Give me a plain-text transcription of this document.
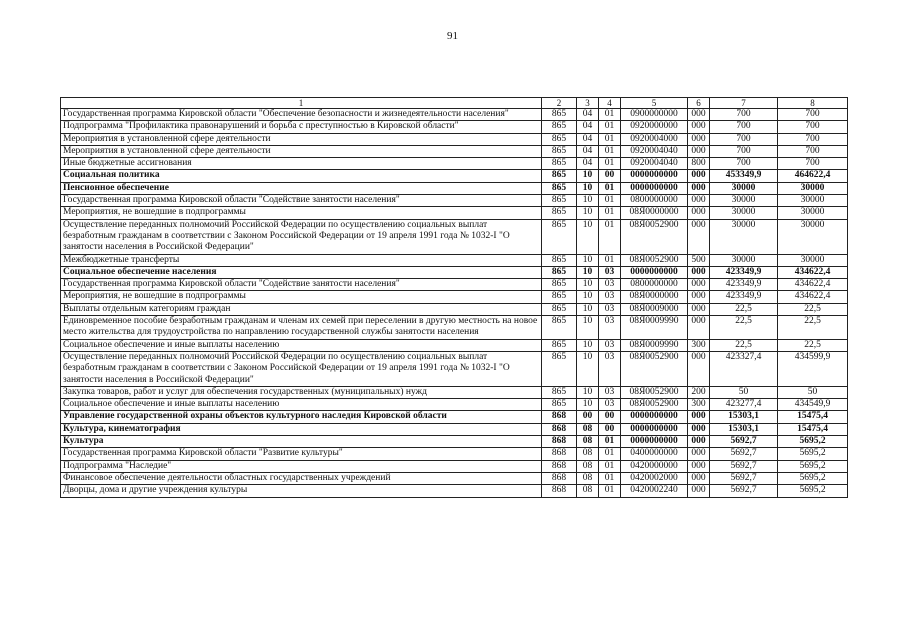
91
1	2	3	4	5	6	7	8
Государственная программа Кировской области "Обеспечение безопасности и жизнедеятельности населения"	865	04	01	0900000000	000	700	700
Подпрограмма "Профилактика правонарушений и борьба с преступностью в Кировской области"	865	04	01	0920000000	000	700	700
Мероприятия в установленной сфере деятельности	865	04	01	0920004000	000	700	700
Мероприятия в установленной сфере деятельности	865	04	01	0920004040	000	700	700
Иные бюджетные ассигнования	865	04	01	0920004040	800	700	700
Социальная политика	865	10	00	0000000000	000	453349,9	464622,4
Пенсионное обеспечение	865	10	01	0000000000	000	30000	30000
Государственная программа Кировской области "Содействие занятости населения"	865	10	01	0800000000	000	30000	30000
Мероприятия, не вошедшие в подпрограммы	865	10	01	08Я0000000	000	30000	30000
Осуществление переданных полномочий Российской Федерации по осуществлению социальных выплат безработным гражданам в соответствии с Законом Российской Федерации от 19 апреля 1991 года № 1032-I "О занятости населения в Российской Федерации"	865	10	01	08Я0052900	000	30000	30000
Межбюджетные трансферты	865	10	01	08Я0052900	500	30000	30000
Социальное обеспечение населения	865	10	03	0000000000	000	423349,9	434622,4
Государственная программа Кировской области "Содействие занятости населения"	865	10	03	0800000000	000	423349,9	434622,4
Мероприятия, не вошедшие в подпрограммы	865	10	03	08Я0000000	000	423349,9	434622,4
Выплаты отдельным категориям граждан	865	10	03	08Я0009000	000	22,5	22,5
Единовременное пособие безработным гражданам и членам их семей при переселении в другую местность на новое место жительства для трудоустройства по направлению государственной службы занятости населения	865	10	03	08Я0009990	000	22,5	22,5
Социальное обеспечение и иные выплаты населению	865	10	03	08Я0009990	300	22,5	22,5
Осуществление переданных полномочий Российской Федерации по осуществлению социальных выплат безработным гражданам в соответствии с Законом Российской Федерации от 19 апреля 1991 года № 1032-I "О занятости населения в Российской Федерации"	865	10	03	08Я0052900	000	423327,4	434599,9
Закупка товаров, работ и услуг для обеспечения государственных (муниципальных) нужд	865	10	03	08Я0052900	200	50	50
Социальное обеспечение и иные выплаты населению	865	10	03	08Я0052900	300	423277,4	434549,9
Управление государственной охраны объектов культурного наследия Кировской области	868	00	00	0000000000	000	15303,1	15475,4
Культура, кинематография	868	08	00	0000000000	000	15303,1	15475,4
Культура	868	08	01	0000000000	000	5692,7	5695,2
Государственная программа Кировской области "Развитие культуры"	868	08	01	0400000000	000	5692,7	5695,2
Подпрограмма "Наследие"	868	08	01	0420000000	000	5692,7	5695,2
Финансовое обеспечение деятельности областных государственных учреждений	868	08	01	0420002000	000	5692,7	5695,2
Дворцы, дома и другие учреждения культуры	868	08	01	0420002240	000	5692,7	5695,2
